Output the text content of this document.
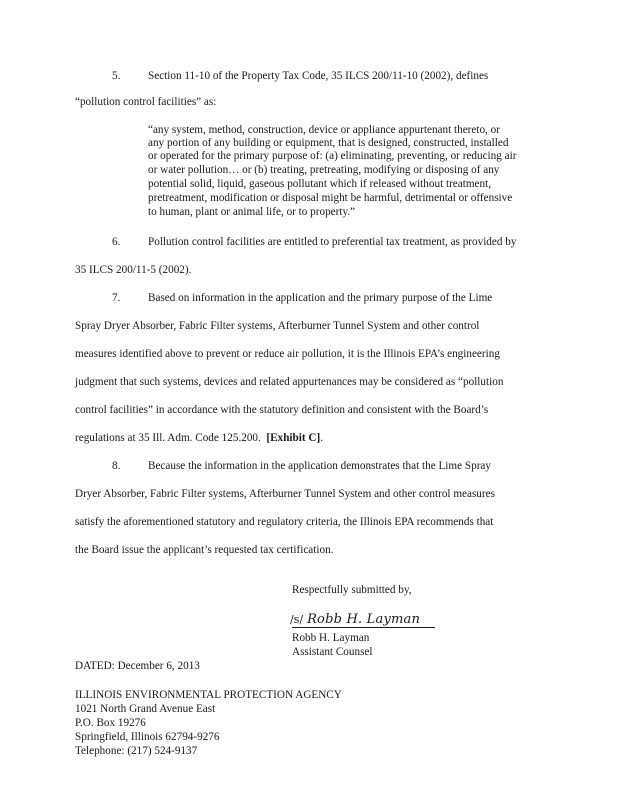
5. Section 11-10 of the Property Tax Code, 35 ILCS 200/11-10 (2002), defines
“pollution control facilities” as:
“any system, method, construction, device or appliance appurtenant thereto, or
any portion of any building or equipment, that is designed, constructed, installed
or operated for the primary purpose of: (a) eliminating, preventing, or reducing air
or water pollution… or (b) treating, pretreating, modifying or disposing of any
potential solid, liquid, gaseous pollutant which if released without treatment,
pretreatment, modification or disposal might be harmful, detrimental or offensive
to human, plant or animal life, or to property.”
6. Pollution control facilities are entitled to preferential tax treatment, as provided by
35 ILCS 200/11-5 (2002).
7. Based on information in the application and the primary purpose of the Lime
Spray Dryer Absorber, Fabric Filter systems, Afterburner Tunnel System and other control
measures identified above to prevent or reduce air pollution, it is the Illinois EPA’s engineering
judgment that such systems, devices and related appurtenances may be considered as “pollution
control facilities” in accordance with the statutory definition and consistent with the Board’s
regulations at 35 Ill. Adm. Code 125.200. [Exhibit C].
8. Because the information in the application demonstrates that the Lime Spray
Dryer Absorber, Fabric Filter systems, Afterburner Tunnel System and other control measures
satisfy the aforementioned statutory and regulatory criteria, the Illinois EPA recommends that
the Board issue the applicant’s requested tax certification.
Respectfully submitted by,
/s/ Robb H. Layman
Robb H. Layman
Assistant Counsel
DATED: December 6, 2013
ILLINOIS ENVIRONMENTAL PROTECTION AGENCY
1021 North Grand Avenue East
P.O. Box 19276
Springfield, Illinois 62794-9276
Telephone: (217) 524-9137
